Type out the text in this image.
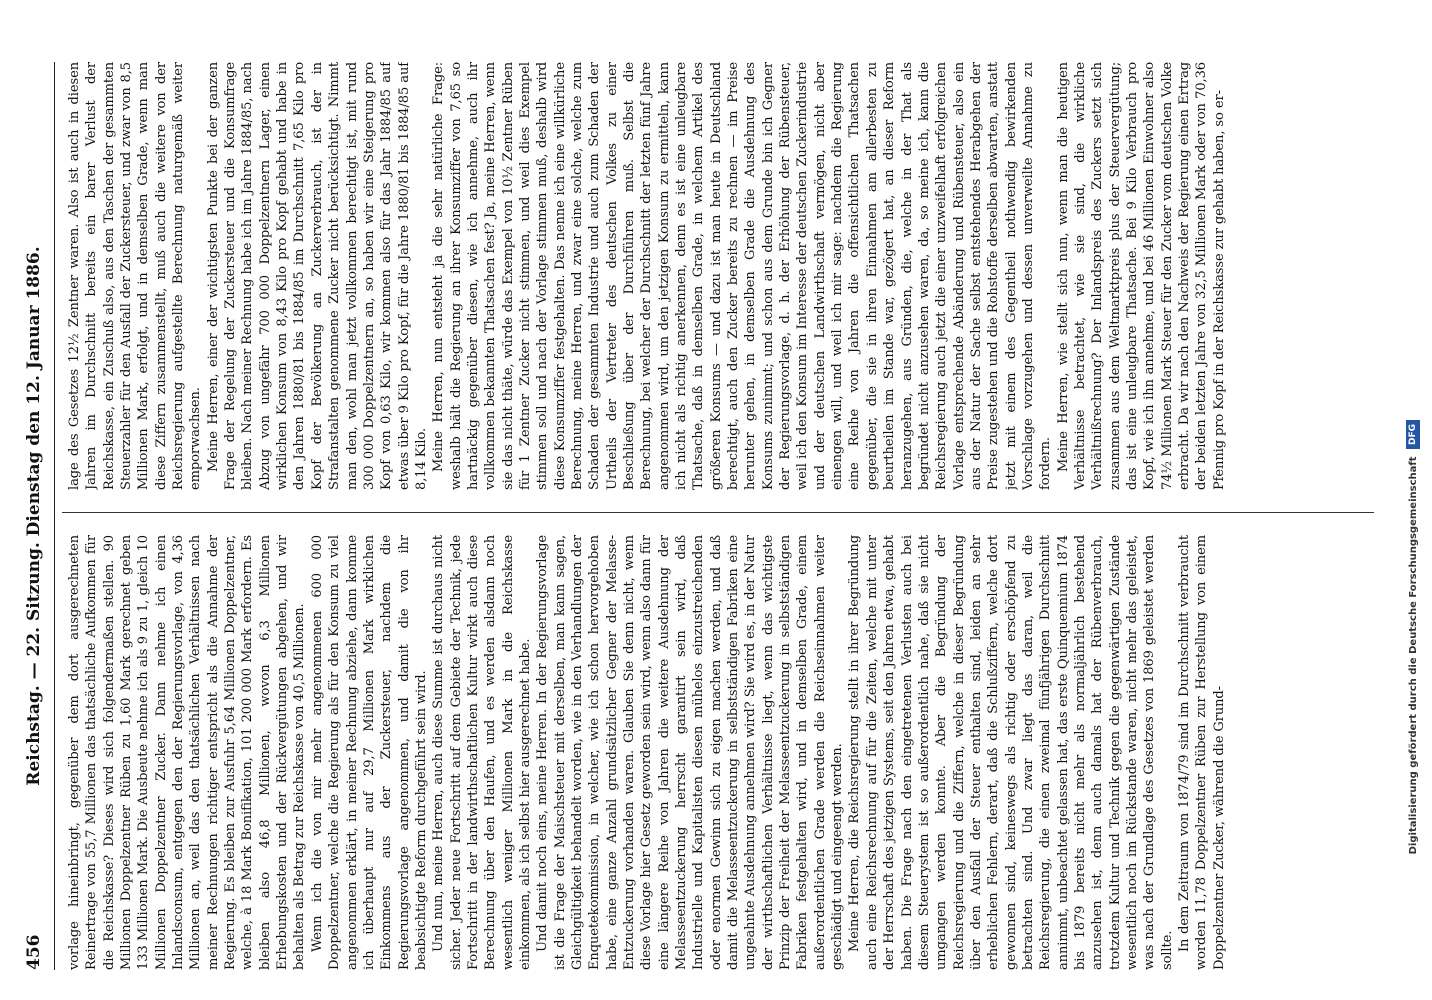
456
Reichstag. — 22. Sitzung. Dienstag den 12. Januar 1886. vorlage hineinbringt, gegenüber dem dort ausgerechneten Reinertrage von 55,7 Millionen das thatsächliche Aufkommen für die Reichskasse? Dieses wird sich folgendermaßen stellen. 90 Millionen Doppelzentner Rüben zu 1,60 Mark gerechnet geben 133 Millionen Mark. Die Ausbeute nehme ich als 9 zu 1, gleich 10 Millionen Doppelzentner Zucker. Dann nehme ich einen Inlandsconsum, entgegen den der Regierungsvorlage, von 4,36 Millionen an, weil das den thatsächlichen Verhältnissen nach meiner Rechnungen richtiger entspricht als die Annahme der Regierung. Es bleiben zur Ausfuhr 5,64 Millionen Doppelzentner, welche, à 18 Mark Bonifikation, 101 200 000 Mark erfordern. Es bleiben also 46,8 Millionen, wovon 6,3 Millionen Erhebungskosten und der Rückvergütungen abgehen, und wir behalten als Betrag zur Reichskasse von 40,5 Millionen. Wenn ich die von mir mehr angenommenen 600 000 Doppelzentner, welche die Regierung als für den Konsum zu viel angenommen erklärt, in meiner Rechnung abziehe, dann komme ich überhaupt nur auf 29,7 Millionen Mark wirklichen Einkommens aus der Zuckersteuer, nachdem die Regierungsvorlage angenommen, und damit die von ihr beabsichtigte Reform durchgeführt sein wird. Und nun, meine Herren, auch diese Summe ist durchaus nicht sicher. Jeder neue Fortschritt auf dem Gebiete der Technik, jede Fortschritt in der landwirthschaftlichen Kultur wirkt auch diese Berechnung über den Haufen, und es werden alsdann noch wesentlich weniger Millionen Mark in die Reichskasse einkommen, als ich selbst hier ausgerechnet habe. Und damit noch eins, meine Herren. In der Regierungsvorlage ist die Frage der Maischsteuer mit derselben, man kann sagen, Gleichgültigkeit behandelt worden, wie in den Verhandlungen der Enquetekommission, in welcher, wie ich schon hervorgehoben habe, eine ganze Anzahl grundsätzlicher Gegner der Melasse-Entzuckerung vorhanden waren. Glauben Sie denn nicht, wenn diese Vorlage hier Gesetz geworden sein wird, wenn also dann für eine längere Reihe von Jahren die weitere Ausdehnung der Melasseentzuckerung herrscht garantirt sein wird, daß Industrielle und Kapitalisten diesen mühelos einzustreichenden oder enormen Gewinn sich zu eigen machen werden, und daß damit die Melasseentzuckerung in selbstständigen Fabriken eine ungeahnte Ausdehnung annehmen wird? Sie wird es, in der Natur der wirthschaftlichen Verhältnisse liegt, wenn das wichtigste Prinzip der Freiheit der Melasseentzuckerung in selbstständigen Fabriken festgehalten wird, und in demselben Grade, einem außerordentlichen Grade werden die Reichseinnahmen weiter geschädigt und eingeengt werden. Meine Herren, die Reichsregierung stellt in ihrer Begründung auch eine Reichsrechnung auf für die Zeiten, welche mit unter der Herrschaft des jetzigen Systems, seit den Jahren etwa, gehabt haben. Die Frage nach den eingetretenen Verlusten auch bei diesem Steuerystem ist so außerordentlich nahe, daß sie nicht umgangen werden konnte. Aber die Begründung der Reichsregierung und die Ziffern, welche in dieser Begründung über den Ausfall der Steuer enthalten sind, leiden an sehr erheblichen Fehlern, derart, daß die Schlußziffern, welche dort gewonnen sind, keineswegs als richtig oder erschöpfend zu betrachten sind. Und zwar liegt das daran, weil die Reichsregierung, die einen zweimal fünfjährigen Durchschnitt annimmt, unbeachtet gelassen hat, das erste Quinquennium 1874 bis 1879 bereits nicht mehr als normaljährlich bestehend anzusehen ist, denn auch damals hat der Rübenverbrauch, trotzdem Kultur und Technik gegen die gegenwärtigen Zustände wesentlich noch im Rückstande waren, nicht mehr das geleistet, was nach der Grundlage des Gesetzes von 1869 geleistet werden sollte. In dem Zeitraum von 1874/79 sind im Durchschnitt verbraucht worden 11,78 Doppelzentner Rüben zur Herstellung von einem Doppelzentner Zucker, während die Grund-

lage des Gesetzes 12½ Zentner waren. Also ist auch in diesen Jahren im Durchschnitt bereits ein barer Verlust der Reichskasse, ein Zuschuß also, aus den Taschen der gesammten Steuerzahler für den Ausfall der Zuckersteuer, und zwar von 8,5 Millionen Mark, erfolgt, und in demselben Grade, wenn man diese Ziffern zusammenstellt, muß auch die weitere von der Reichsregierung aufgestellte Berechnung naturgemäß weiter emporwachsen. Meine Herren, einer der wichtigsten Punkte bei der ganzen Frage der Regelung der Zuckersteuer und die Konsumfrage bleiben. Nach meiner Rechnung habe ich im Jahre 1884/85, nach Abzug von ungefähr 700 000 Doppelzentnern Lager, einen wirklichen Konsum von 8,43 Kilo pro Kopf gehabt und habe in den Jahren 1880/81 bis 1884/85 im Durchschnitt 7,65 Kilo pro Kopf der Bevölkerung an Zuckerverbrauch, ist der in Strafanstalten genommene Zucker nicht berücksichtigt. Nimmt man den, wohl man jetzt vollkommen berechtigt ist, mit rund 300 000 Doppelzentnern an, so haben wir eine Steigerung pro Kopf von 0,63 Kilo, wir kommen also für das Jahr 1884/85 auf etwas über 9 Kilo pro Kopf, für die Jahre 1880/81 bis 1884/85 auf 8,14 Kilo. Meine Herren, nun entsteht ja die sehr natürliche Frage: weshalb hält die Regierung an ihrer Konsumziffer von 7,65 so hartnäckig gegenüber diesen, wie ich annehme, auch ihr vollkommen bekannten Thatsachen fest? Ja, meine Herren, wenn sie das nicht thäte, würde das Exempel von 10½ Zentner Rüben für 1 Zentner Zucker nicht stimmen, und weil dies Exempel stimmen soll und nach der Vorlage stimmen muß, deshalb wird diese Konsumziffer festgehalten. Das nenne ich eine willkürliche Berechnung, meine Herren, und zwar eine solche, welche zum Schaden der gesammten Industrie und auch zum Schaden der Urtheils der Vertreter des deutschen Volkes zu einer Beschließung über der Durchführen muß. Selbst die Berechnung, bei welcher der Durchschnitt der letzten fünf Jahre angenommen wird, um den jetzigen Konsum zu ermitteln, kann ich nicht als richtig anerkennen, denn es ist eine unleugbare Thatsache, daß in demselben Grade, in welchem Artikel des größeren Konsums — und dazu ist man heute in Deutschland berechtigt, auch den Zucker bereits zu rechnen — im Preise herunter gehen, in demselben Grade die Ausdehnung des Konsums zunimmt; und schon aus dem Grunde bin ich Gegner der Regierungsvorlage, d. h. der Erhöhung der Rübensteuer, weil ich den Konsum im Interesse der deutschen Zuckerindustrie und der deutschen Landwirthschaft vermögen, nicht aber einengen will, und weil ich mir sage: nachdem die Regierung eine Reihe von Jahren die offensichtlichen Thatsachen gegenüber, die sie in ihren Einnahmen am allerbesten zu beurtheilen im Stande war, gezögert hat, an dieser Reform heranzugehen, aus Gründen, die, welche in der That als begründet nicht anzusehen waren, da, so meine ich, kann die Reichsregierung auch jetzt die einer unzweifelhaft erfolgreichen Vorlage entsprechende Abänderung und Rübensteuer, also ein aus der Natur der Sache selbst entstehendes Herabgehen der Preise zugestehen und die Rohstoffe derselben abwarten, anstatt jetzt mit einem des Gegentheil nothwendig bewirkenden Vorschlage vorzugehen und dessen unverweilte Annahme zu fordern. Meine Herren, wie stellt sich nun, wenn man die heutigen Verhältnisse betrachtet, wie sie sind, die wirkliche Verhältnißrechnung? Der Inlandspreis des Zuckers setzt sich zusammen aus dem Weltmarktpreis plus der Steuervergütung; das ist eine unleugbare Thatsache. Bei 9 Kilo Verbrauch pro Kopf, wie ich ihn annehme, und bei 46 Millionen Einwohner also 74½ Millionen Mark Steuer für den Zucker vom deutschen Volke erbracht. Da wir nach den Nachweis der Regierung einen Ertrag der beiden letzten Jahre von 32,5 Millionen Mark oder von 70,36 Pfennig pro Kopf in der Reichskasse zur gehabt haben, so er-

Digitalisierung gefördert durch die Deutsche Forschungsgemeinschaft DFG
